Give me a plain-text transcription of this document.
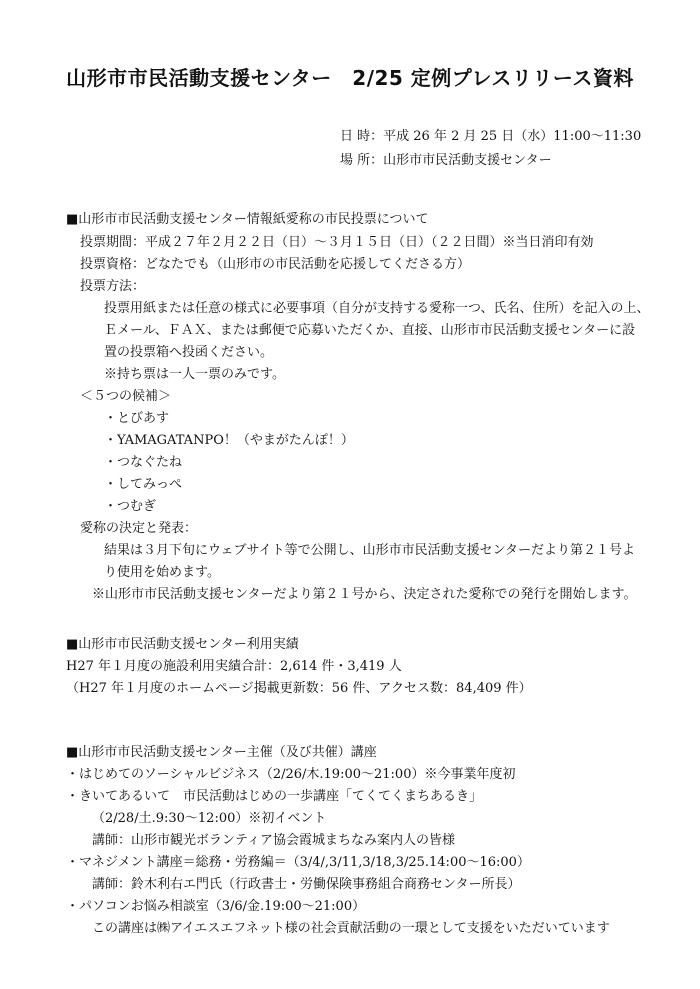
山形市市民活動支援センター　2/25 定例プレスリリース資料
日 時：平成 26 年 2 月 25 日（水）11:00～11:30
場 所：山形市市民活動支援センター
■山形市市民活動支援センター情報紙愛称の市民投票について
投票期間：平成２７年２月２２日（日）～３月１５日（日）（２２日間）※当日消印有効
投票資格：どなたでも（山形市の市民活動を応援してくださる方）
投票方法：
投票用紙または任意の様式に必要事項（自分が支持する愛称一つ、氏名、住所）を記入の上、
Ｅメール、ＦＡＸ、または郵便で応募いただくか、直接、山形市市民活動支援センターに設
置の投票箱へ投函ください。
※持ち票は一人一票のみです。
＜５つの候補＞
・とびあす
・YAMAGATANPO！（やまがたんぽ！）
・つなぐたね
・してみっぺ
・つむぎ
愛称の決定と発表：
結果は３月下旬にウェブサイト等で公開し、山形市市民活動支援センターだより第２１号よ
り使用を始めます。
※山形市市民活動支援センターだより第２１号から、決定された愛称での発行を開始します。
■山形市市民活動支援センター利用実績
H27 年１月度の施設利用実績合計：2,614 件・3,419 人
（H27 年１月度のホームページ掲載更新数：56 件、アクセス数：84,409 件）
■山形市市民活動支援センター主催（及び共催）講座
・はじめてのソーシャルビジネス（2/26/木.19:00～21:00）※今事業年度初
・きいてあるいて　市民活動はじめの一歩講座「てくてくまちあるき」
（2/28/土.9:30～12:00）※初イベント
講師：山形市観光ボランティア協会霞城まちなみ案内人の皆様
・マネジメント講座＝総務・労務編＝（3/4/,3/11,3/18,3/25.14:00～16:00）
講師：鈴木利右エ門氏（行政書士・労働保険事務組合商務センター所長）
・パソコンお悩み相談室（3/6/金.19:00～21:00）
この講座は㈱アイエスエフネット様の社会貢献活動の一環として支援をいただいています
